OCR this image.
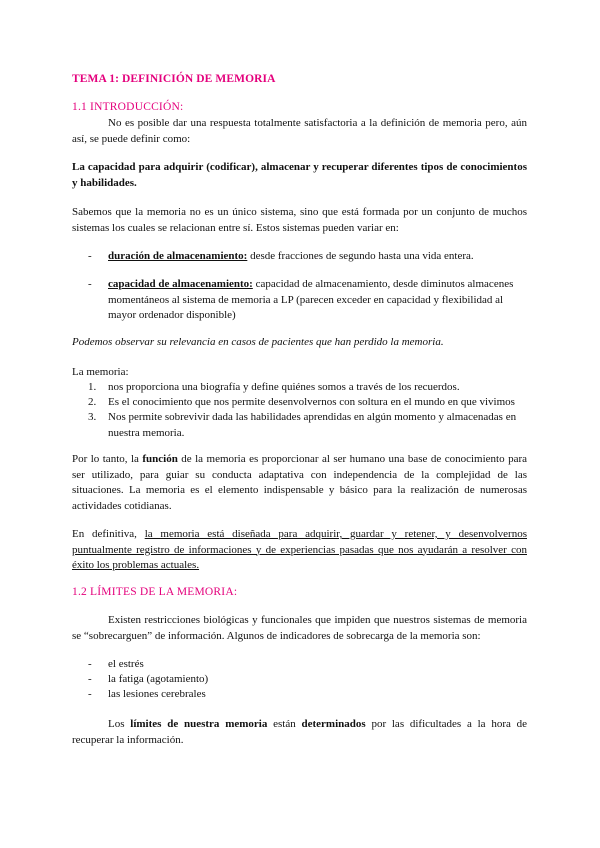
TEMA 1: DEFINICIÓN DE MEMORIA
1.1 INTRODUCCIÓN:
No es posible dar una respuesta totalmente satisfactoria a la definición de memoria pero, aún así, se puede definir como:
La capacidad para adquirir (codificar), almacenar y recuperar diferentes tipos de conocimientos y habilidades.
Sabemos que la memoria no es un único sistema, sino que está formada por un conjunto de muchos sistemas los cuales se relacionan entre sí. Estos sistemas pueden variar en:
- duración de almacenamiento: desde fracciones de segundo hasta una vida entera.
- capacidad de almacenamiento: capacidad de almacenamiento, desde diminutos almacenes momentáneos al sistema de memoria a LP (parecen exceder en capacidad y flexibilidad al mayor ordenador disponible)
Podemos observar su relevancia en casos de pacientes que han perdido la memoria.
La memoria:
1. nos proporciona una biografía y define quiénes somos a través de los recuerdos.
2. Es el conocimiento que nos permite desenvolvernos con soltura en el mundo en que vivimos
3. Nos permite sobrevivir dada las habilidades aprendidas en algún momento y almacenadas en nuestra memoria.
Por lo tanto, la función de la memoria es proporcionar al ser humano una base de conocimiento para ser utilizado, para guiar su conducta adaptativa con independencia de la complejidad de las situaciones. La memoria es el elemento indispensable y básico para la realización de numerosas actividades cotidianas.
En definitiva, la memoria está diseñada para adquirir, guardar y retener, y desenvolvernos puntualmente registro de informaciones y de experiencias pasadas que nos ayudarán a resolver con éxito los problemas actuales.
1.2 LÍMITES DE LA MEMORIA:
Existen restricciones biológicas y funcionales que impiden que nuestros sistemas de memoria se “sobrecarguen” de información. Algunos de indicadores de sobrecarga de la memoria son:
- el estrés
- la fatiga (agotamiento)
- las lesiones cerebrales
Los límites de nuestra memoria están determinados por las dificultades a la hora de recuperar la información.
